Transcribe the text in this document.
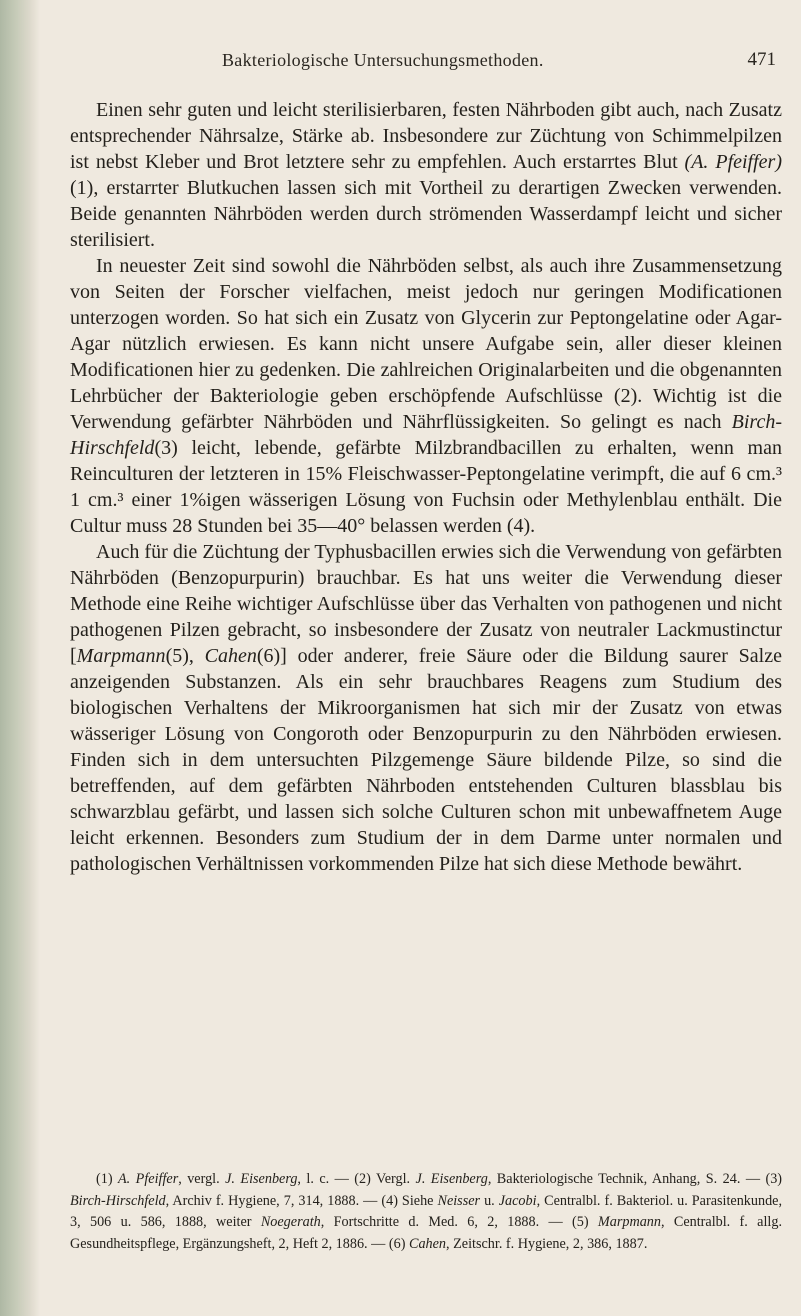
Bakteriologische Untersuchungsmethoden.	471

Einen sehr guten und leicht sterilisierbaren, festen Nährboden gibt auch, nach Zusatz entsprechender Nährsalze, Stärke ab. Insbesondere zur Züchtung von Schimmelpilzen ist nebst Kleber und Brot letztere sehr zu empfehlen. Auch erstarrtes Blut (A. Pfeiffer)(1), erstarrter Blutkuchen lassen sich mit Vortheil zu derartigen Zwecken verwenden. Beide genannten Nährböden werden durch strömenden Wasserdampf leicht und sicher sterilisiert.

In neuester Zeit sind sowohl die Nährböden selbst, als auch ihre Zusammensetzung von Seiten der Forscher vielfachen, meist jedoch nur geringen Modificationen unterzogen worden. So hat sich ein Zusatz von Glycerin zur Peptongelatine oder Agar-Agar nützlich erwiesen. Es kann nicht unsere Aufgabe sein, aller dieser kleinen Modificationen hier zu gedenken. Die zahlreichen Originalarbeiten und die obgenannten Lehrbücher der Bakteriologie geben erschöpfende Aufschlüsse (2). Wichtig ist die Verwendung gefärbter Nährböden und Nährflüssigkeiten. So gelingt es nach Birch-Hirschfeld(3) leicht, lebende, gefärbte Milzbrandbacillen zu erhalten, wenn man Reinculturen der letzteren in 15% Fleischwasser-Peptongelatine verimpft, die auf 6 cm.³ 1 cm.³ einer 1%igen wässerigen Lösung von Fuchsin oder Methylenblau enthält. Die Cultur muss 28 Stunden bei 35—40° belassen werden (4).

Auch für die Züchtung der Typhusbacillen erwies sich die Verwendung von gefärbten Nährböden (Benzopurpurin) brauchbar. Es hat uns weiter die Verwendung dieser Methode eine Reihe wichtiger Aufschlüsse über das Verhalten von pathogenen und nicht pathogenen Pilzen gebracht, so insbesondere der Zusatz von neutraler Lackmustinctur [Marpmann(5), Cahen(6)] oder anderer, freie Säure oder die Bildung saurer Salze anzeigenden Substanzen. Als ein sehr brauchbares Reagens zum Studium des biologischen Verhaltens der Mikroorganismen hat sich mir der Zusatz von etwas wässeriger Lösung von Congoroth oder Benzopurpurin zu den Nährböden erwiesen. Finden sich in dem untersuchten Pilzgemenge Säure bildende Pilze, so sind die betreffenden, auf dem gefärbten Nährboden entstehenden Culturen blassblau bis schwarzblau gefärbt, und lassen sich solche Culturen schon mit unbewaffnetem Auge leicht erkennen. Besonders zum Studium der in dem Darme unter normalen und pathologischen Verhältnissen vorkommenden Pilze hat sich diese Methode bewährt.

(1) A. Pfeiffer, vergl. J. Eisenberg, l. c. — (2) Vergl. J. Eisenberg, Bakteriologische Technik, Anhang, S. 24. — (3) Birch-Hirschfeld, Archiv f. Hygiene, 7, 314, 1888. — (4) Siehe Neisser u. Jacobi, Centralbl. f. Bakteriol. u. Parasitenkunde, 3, 506 u. 586, 1888, weiter Noegerath, Fortschritte d. Med. 6, 2, 1888. — (5) Marpmann, Centralbl. f. allg. Gesundheitspflege, Ergänzungsheft, 2, Heft 2, 1886. — (6) Cahen, Zeitschr. f. Hygiene, 2, 386, 1887.
